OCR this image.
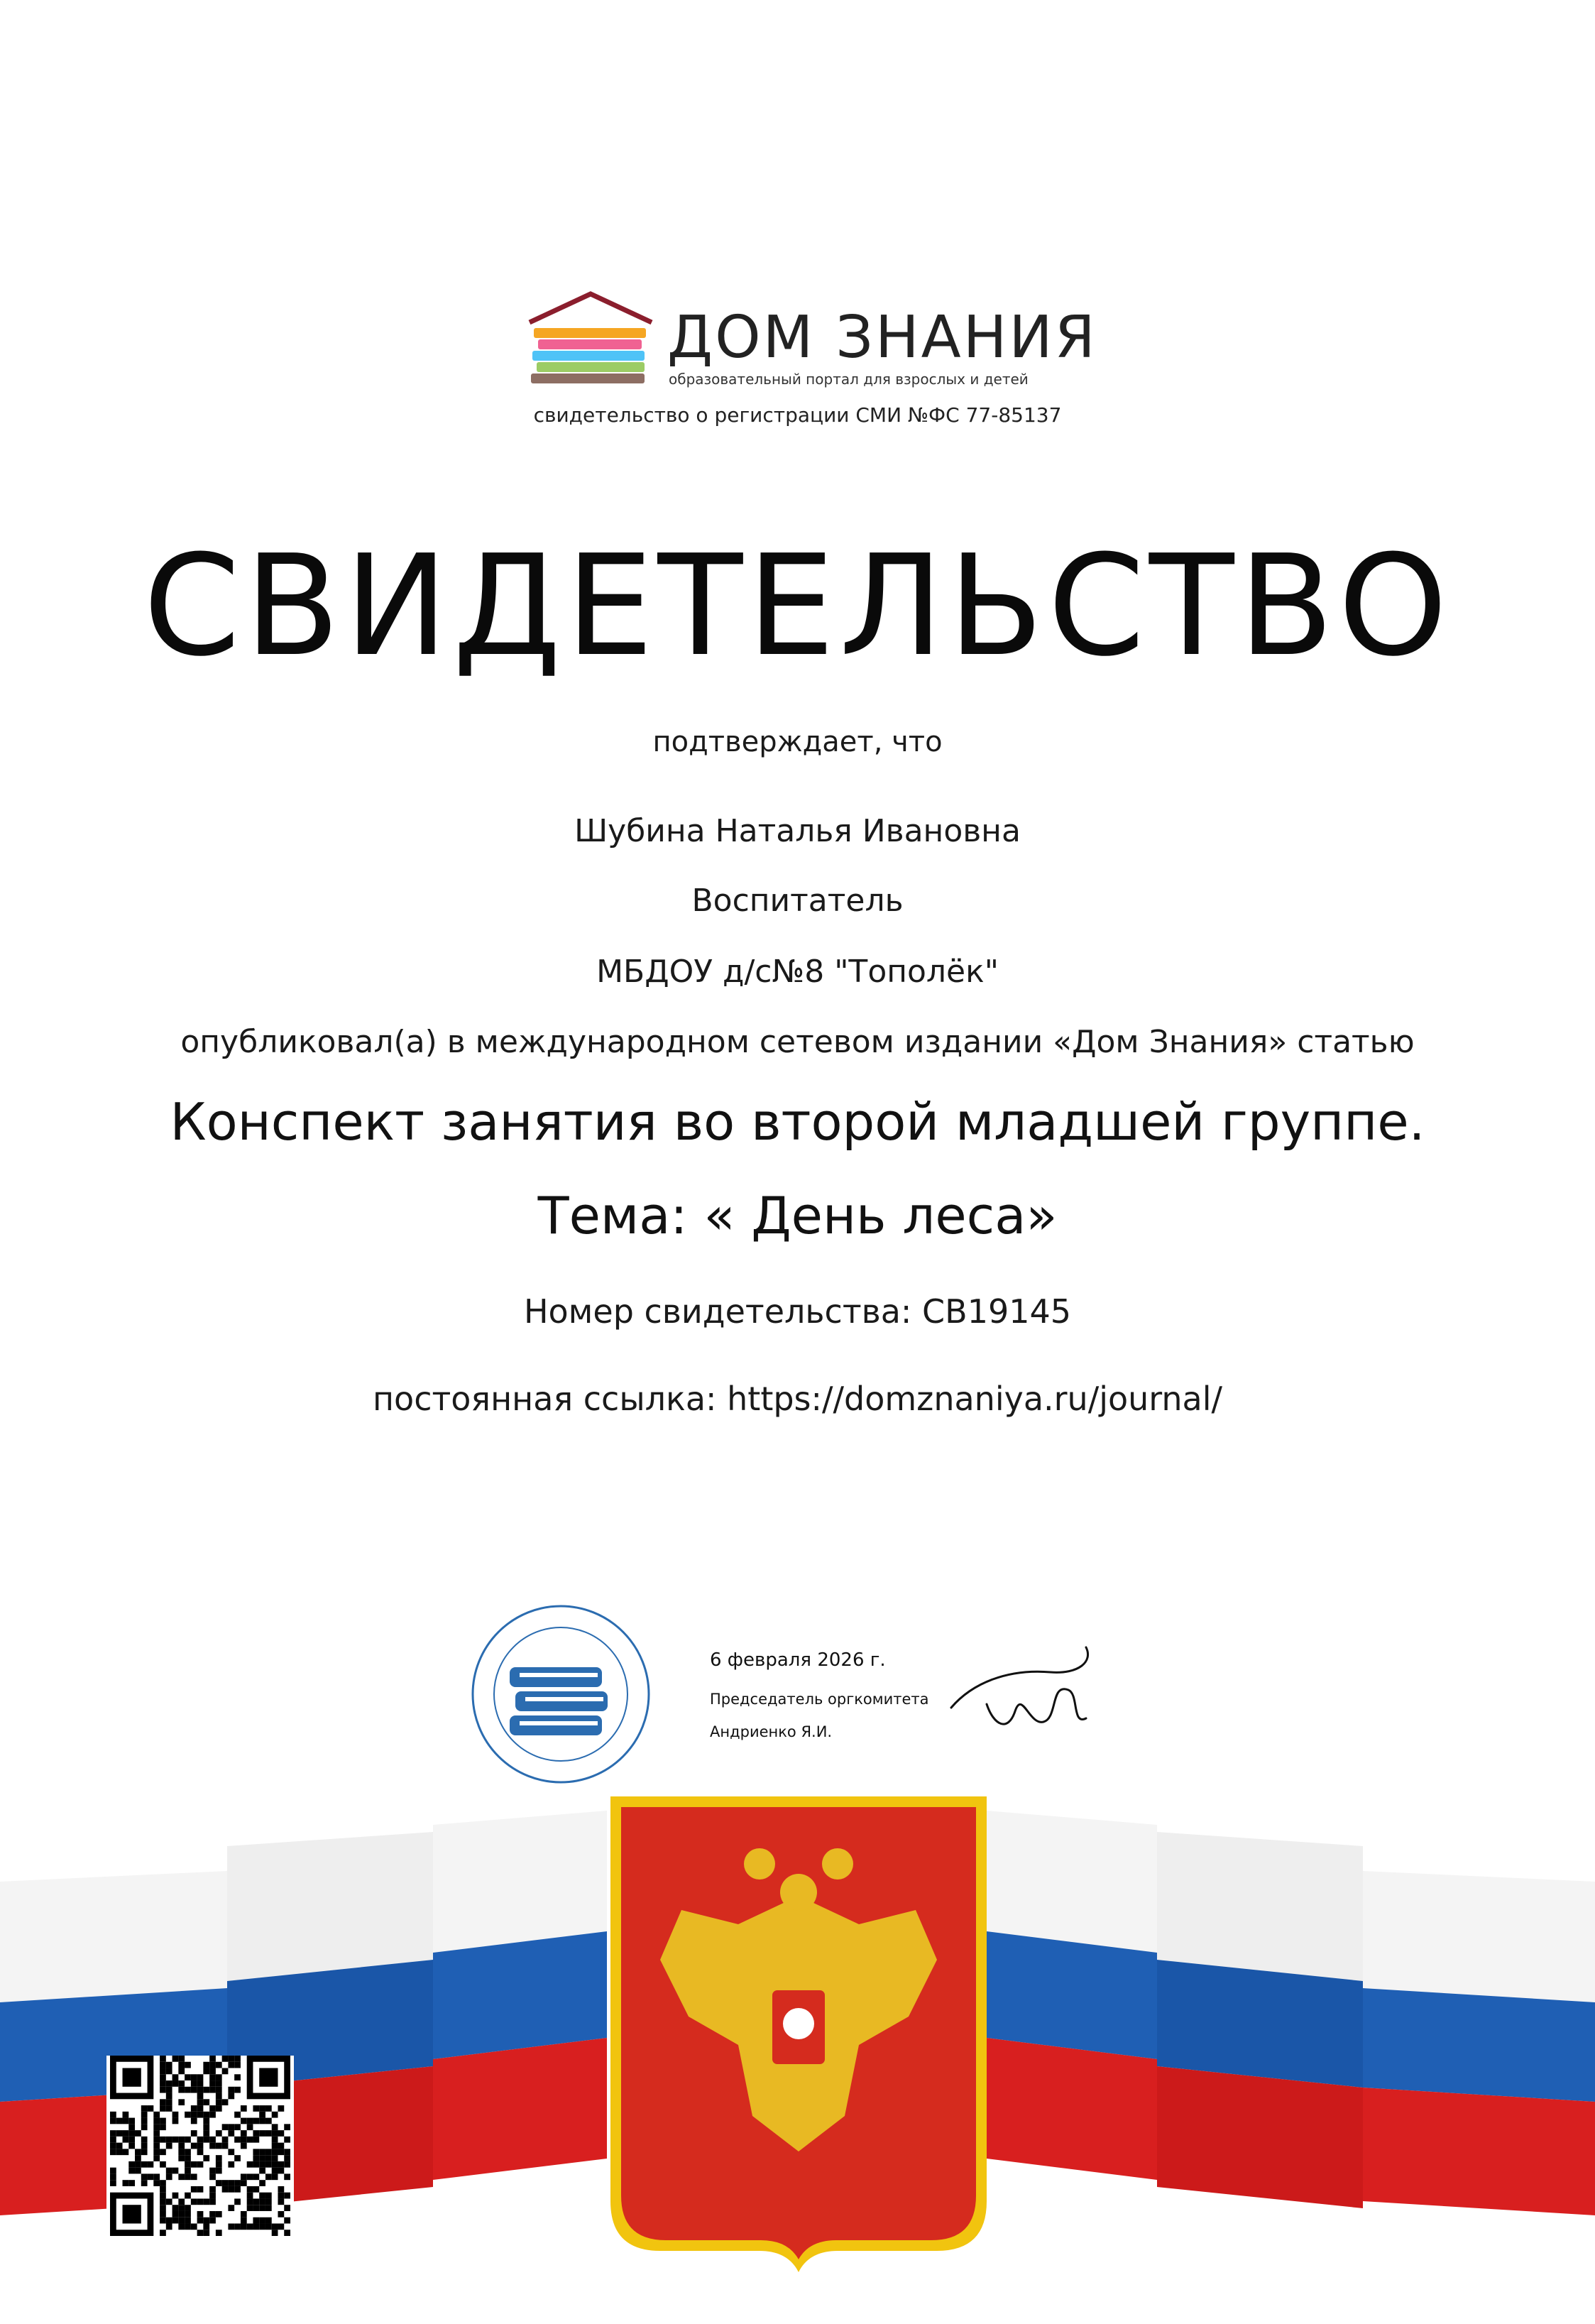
ДОМ ЗНАНИЯ
образовательный портал для взрослых и детей
свидетельство о регистрации СМИ №ФС 77-85137
СВИДЕТЕЛЬСТВО
подтверждает, что
Шубина Наталья Ивановна
Воспитатель
МБДОУ д/с№8 "Тополёк"
опубликовал(а) в международном сетевом издании «Дом Знания» статью
Конспект занятия во второй младшей группе.
Тема: « День леса»
Номер свидетельства: СВ19145
постоянная ссылка: https://domznaniya.ru/journal/
6 февраля 2026 г.
Председатель оргкомитета
Андриенко Я.И.
